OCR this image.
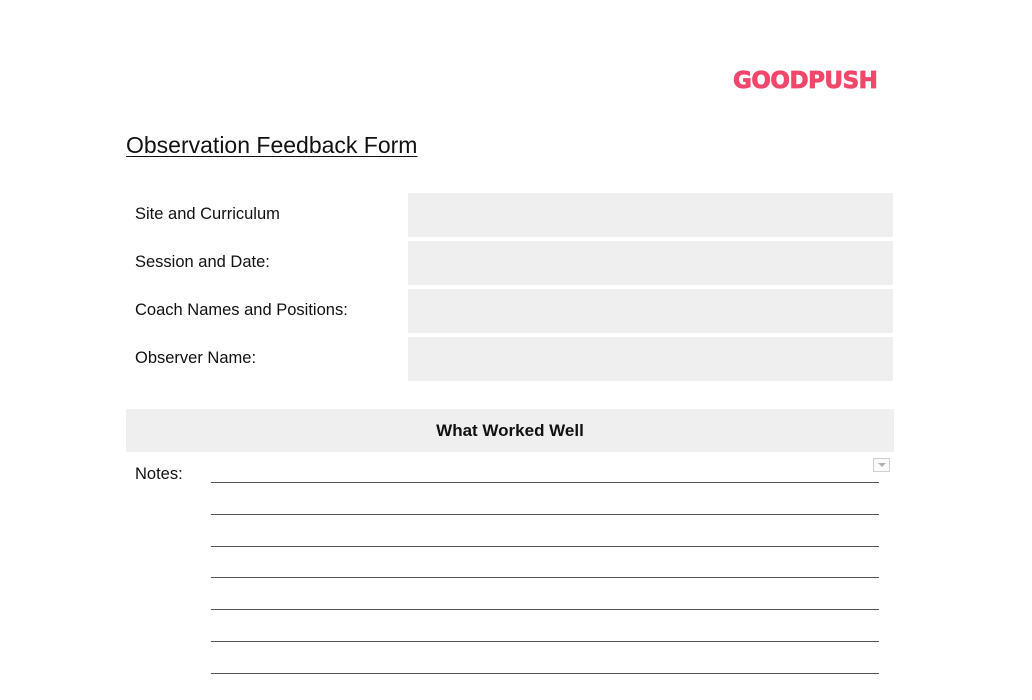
GOODPUSH
Observation Feedback Form
Site and Curriculum
Session and Date:
Coach Names and Positions:
Observer Name:
What Worked Well
Notes:
